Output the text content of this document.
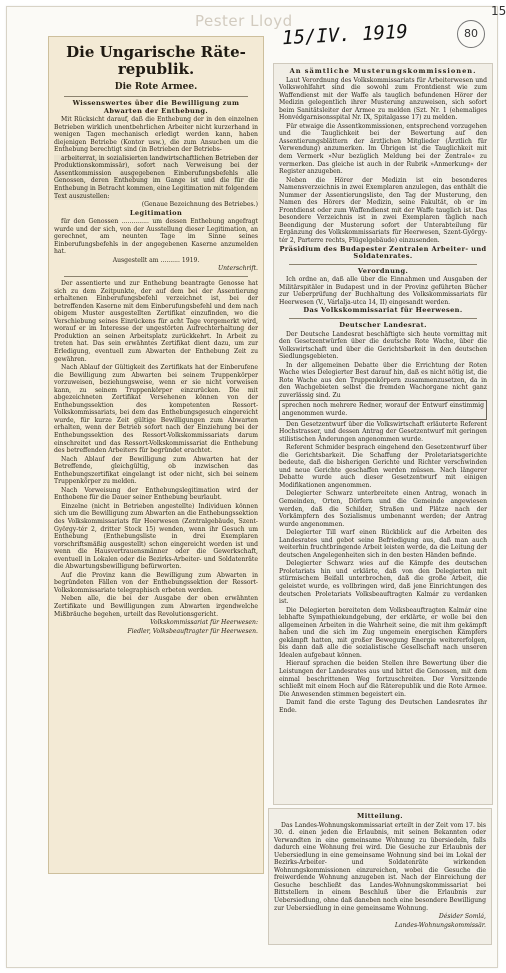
Pester Lloyd
15/IV. 1919	80
15
Die Ungarische Räte-republik.
Die Rote Armee.

Wissenswertes über die Bewilligung zum Abwarten der Enthebung.

Mit Rücksicht darauf, daß die Enthebung der in den einzelnen Betrieben wirklich unentbehrlichen Arbeiter nicht kurzerhand in wenigen Tagen mechanisch erledigt werden kann, haben diejenigen Betriebe (Kontor usw.), die zum Ansuchen um die Enthebung berechtigt sind (in Betrieben der Betriebs-

arbeiterrat, in sozialisierten landwirtschaftlichen Betrieben der Produktionskommissär), sofort nach Verweisung bei der Assentkommission ausgegebenen Einberufungsbefehls alle Genossen, deren Enthebung im Gange ist und die für die Enthebung in Betracht kommen, eine Legitimation mit folgendem Text auszustellen:

(Genaue Bezeichnung des Betriebes.)

Legitimation

für den Genossen .............. um dessen Enthebung angefragt wurde und der sich, von der Ausstellung dieser Legitimation, an gerechnet, am neunten Tage im Sinne seines Einberufungsbefehls in der angegebenen Kaserne anzumelden hat.

Ausgestellt am .......... 1919.

Unterschrift.

Der assentierte und zur Enthebung beantragte Genosse hat sich zu dem Zeitpunkte, der auf dem bei der Assentierung erhaltenen Einberufungsbefehl verzeichnet ist, bei der betreffenden Kaserne mit dem Einberufungsbefehl und dem nach obigem Muster ausgestellten Zertifikat einzufinden, wo die Verschiebung seines Einrückens für acht Tage vorgemerkt wird, worauf er im Interesse der ungestörten Aufrechterhaltung der Produktion an seinen Arbeitsplatz zurückkehrt. In Arbeit zu treten hat. Das sein erwähntes Zertifikat dient dazu, um zur Erledigung, eventuell zum Abwarten der Enthebung Zeit zu gewähren.

Nach Ablauf der Gültigkeit des Zertifikats hat der Einberufene die Bewilligung zum Abwarten bei seinem Truppenkörper vorzuweisen, beziehungsweise, wenn er sie nicht vorweisen kann, zu seinem Truppenkörper einzurücken. Die mit abgezeichneten Zertifikat Versehenen können von der Enthebungssektion des kompetenten Ressort-Volkskommissariats, bei dem das Enthebungsgesuch eingereicht wurde, für kurze Zeit gültige Bewilligungen zum Abwarten erhalten, wenn der Betrieb sofort nach der Einziehung bei der Enthebungssektion des Ressort-Volkskommissariats darum einschreitet und das Ressort-Volkskommissariat die Enthebung des betreffenden Arbeiters für begründet erachtet.

Nach Ablauf der Bewilligung zum Abwarten hat der Betreffende, gleichgültig, ob inzwischen das Enthebungszertifikat eingelangt ist oder nicht, sich bei seinem Truppenkörper zu melden.

Nach Vorweisung der Enthebungslegitimation wird der Enthobene für die Dauer seiner Enthebung beurlaubt.

Einzelne (nicht in Betrieben angestellte) Individuen können sich um die Bewilligung zum Abwarten an die Enthebungssektion des Volkskommissariats für Heerwesen (Zentralgebäude, Szent-György-tér 2, dritter Stock 15) wenden, wenn ihr Gesuch um Enthebung (Enthebungsliste in drei Exemplaren vorschriftsmäßig ausgestellt) schon eingereicht worden ist und wenn die Hausvertrauensmänner oder die Gewerkschaft, eventuell in Lokalen oder die Bezirks-Arbeiter- und Soldatenräte die Abwartungsbewilligung befürworten.

Auf die Provinz kann die Bewilligung zum Abwarten in begründeten Fällen von der Enthebungssektion der Ressort-Volkskommissariate telegraphisch erbeten werden.

Neben alle, die bei der Ausgabe der oben erwähnten Zertifikate und Bewilligungen zum Abwarten irgendwelche Mißbräuche begehen, urteilt das Revolutionsgericht.

Volkskommissariat für Heerwesen:

Fiedler, Volksbeauftragter für Heerwesen.

An sämtliche Musterungskommissionen.

Laut Verordnung des Volkskommissariats für Arbeiterwesen und Volkswohlfahrt sind die sowohl zum Frontdienst wie zum Waffendienst mit der Waffe als tauglich befundenen Hörer der Medizin gelegentlich ihrer Musterung anzuweisen, sich sofort beim Sanitätsleiter der Armee zu melden (Szt. Nr. 1 (ehemaliges Honvédgarnisonsspital Nr. IX, Spitalgasse 17) zu melden.

Für etwaige die Assentkommissionen, entsprechend vorzugehen und die Tauglichkeit bei der Bewertung auf den Assentierungsblättern der ärztlichen Mitglieder (Ärztlich für Verwendung) anzumerken. Im Übrigen ist die Tauglichkeit mit dem Vermerk »Nur bezüglich Meldung bei der Zentrale« zu vermerken. Das gleiche ist auch in der Rubrik »Anmerkung« der Register anzugeben.

Neben die Hörer der Medizin ist ein besonderes Namensverzeichnis in zwei Exemplaren anzulegen, das enthält die Nummer der Assentierungsliste, den Tag der Musterung, den Namen des Hörers der Medizin, seine Fakultät, ob er im Frontdienst oder zum Waffendienst mit der Waffe tauglich ist. Das besondere Verzeichnis ist in zwei Exemplaren täglich nach Beendigung der Musterung sofort der Unterabteilung für Ergänzung des Volkskommissariats für Heerwesen, Szent-György-tér 2, Parterre rechts, Flügelgebäude) einzusenden.

Präsidium des Budapester Zentralen Arbeiter- und Soldatenrates.

Verordnung.

Ich ordne an, daß alle über die Einnahmen und Ausgaben der Militärspitäler in Budapest und in der Provinz geführten Bücher zur Ueberprüfung der Buchhaltung des Volkskommissariats für Heerwesen (V., Várlalja-utca 14, II) eingesandt werden.

Das Volkskommissariat für Heerwesen.

Deutscher Landesrat.

Der Deutsche Landesrat beschäftigte sich heute vormittag mit den Gesetzentwürfen über die deutsche Rote Wache, über die Volkswirtschaft und über die Gerichtsbarkeit in den deutschen Siedlungsgebieten.

In der allgemeinen Debatte über die Errichtung der Roten Wache wies Delegierter Best darauf hin, daß es nicht nötig ist, die Rote Wache aus den Truppenkörpern zusammenzusetzen, da in den Wachgebieten selbst die fremden Wachorgane nicht ganz zuverlässig sind. Zu

sprechen noch mehrere Redner, worauf der Entwurf einstimmig angenommen wurde.

Den Gesetzentwurf über die Volkswirtschaft erläuterte Referent Hochstrasser, und dessen Antrag der Gesetzentwurf mit geringen stilistischen Änderungen angenommen wurde.

Referent Schmider besprach eingehend den Gesetzentwurf über die Gerichtsbarkeit. Die Schaffung der Proletariatsgerichte bedeute, daß die bisherigen Gerichte und Richter verschwinden und neue Gerichte geschaffen werden müssen. Nach längerer Debatte wurde auch dieser Gesetzentwurf mit einigen Modifikationen angenommen.

Delegierter Schwarz unterbreitete einen Antrag, wonach in Gemeinden, Orten, Dörfern und die Gemeinde angewiesen werden, daß die Schilder, Straßen und Plätze nach der Vorkämpfern des Sozialismus umbenannt werden; der Antrag wurde angenommen.

Delegierter Till warf einen Rückblick auf die Arbeiten des Landesrates und gebot seine Befriedigung aus, daß man auch weiterhin fruchtbringende Arbeit leisten werde, da die Leitung der deutschen Angelegenheiten sich in den besten Händen befinde.

Delegierter Schwarz wies auf die Kämpfe des deutschen Proletariats hin und erklärte, daß von den Delegierten mit stürmischem Beifall unterbrochen, daß die große Arbeit, die geleistet wurde, es vollbringen wird, daß jene Einrichtungen des deutschen Proletariats Volksbeauftragten Kalmár zu verdanken ist.

Die Delegierten bereiteten dem Volksbeauftragten Kalmár eine lebhafte Sympathiekundgebung, der erklärte, er wolle bei den allgemeinen Arbeiten in die Wahrheit seine, die mit ihm gekämpft haben und die sich im Zug ungemein energischen Kämpfers gekämpft hatten, mit großer Bewegung Energie weitererfolgen, bis dann daß alle die sozialistische Gesellschaft nach unseren Idealen aufgebaut können.

Hierauf sprachen die beiden Stellen ihre Bewertung über die Leistungen der Landesrates aus und bittet die Genossen, mit dem einmal beschrittenen Weg fortzuschreiten. Der Vorsitzende schließt mit einem Hoch auf die Räterepublik und die Rote Armee. Die Anwesenden stimmen begeistert ein.

Damit fand die erste Tagung des Deutschen Landesrates ihr Ende.

Mitteilung.

Das Landes-Wohnungskommissariat erteilt in der Zeit vom 17. bis 30. d. einen jeden die Erlaubnis, mit seinen Bekannten oder Verwandten in eine gemeinsame Wohnung zu übersiedeln, falls dadurch eine Wohnung frei wird. Die Gesuche zur Erlaubnis der Uebersiedlung in eine gemeinsame Wohnung sind bei im Lokal der Bezirks-Arbeiter- und Soldatenräte wirkenden Wohnungskommissionen einzureichen, wobei die Gesuche die freiwerdende Wohnung anzugeben ist. Nach der Einreichung der Gesuche beschließt das Landes-Wohnungskommissariat bei Bittstellern in einem Beschluß über die Erlaubnis zur Uebersiedlung, ohne daß daneben noch eine besondere Bewilligung zur Uebersiedlung in eine gemeinsame Wohnung.

Désider Somlá,

Landes-Wohnungskommissär.
